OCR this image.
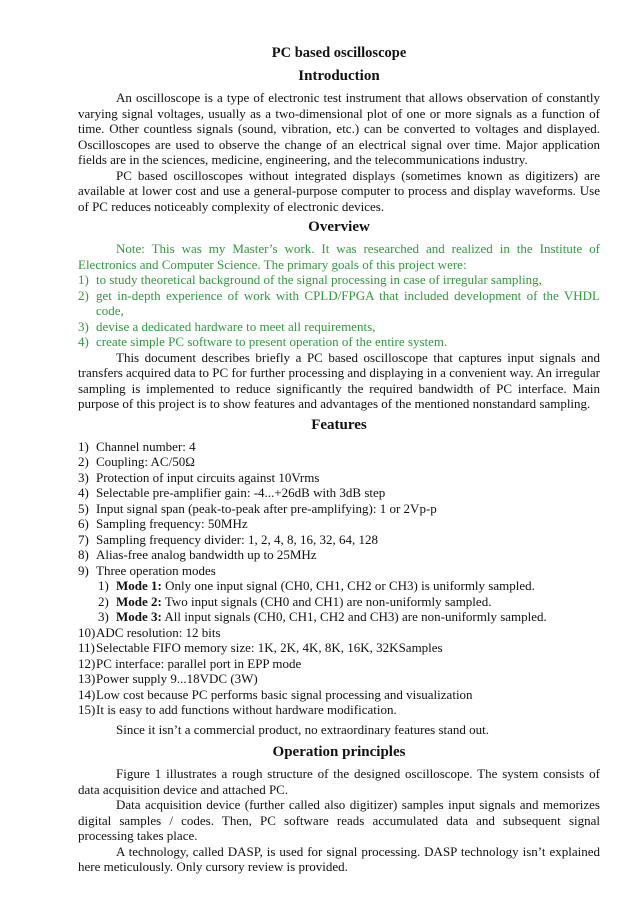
PC based oscilloscope
Introduction

An oscilloscope is a type of electronic test instrument that allows observation of constantly varying signal voltages, usually as a two-dimensional plot of one or more signals as a function of time. Other countless signals (sound, vibration, etc.) can be converted to voltages and displayed. Oscilloscopes are used to observe the change of an electrical signal over time. Major application fields are in the sciences, medicine, engineering, and the telecommunications industry.

PC based oscilloscopes without integrated displays (sometimes known as digitizers) are available at lower cost and use a general-purpose computer to process and display waveforms. Use of PC reduces noticeably complexity of electronic devices.

Overview

Note: This was my Master’s work. It was researched and realized in the Institute of Electronics and Computer Science. The primary goals of this project were:

1) to study theoretical background of the signal processing in case of irregular sampling,
2) get in-depth experience of work with CPLD/FPGA that included development of the VHDL code,
3) devise a dedicated hardware to meet all requirements,
4) create simple PC software to present operation of the entire system.

This document describes briefly a PC based oscilloscope that captures input signals and transfers acquired data to PC for further processing and displaying in a convenient way. An irregular sampling is implemented to reduce significantly the required bandwidth of PC interface. Main purpose of this project is to show features and advantages of the mentioned nonstandard sampling.

Features
1) Channel number: 4
2) Coupling: AC/50Ω
3) Protection of input circuits against 10Vrms
4) Selectable pre-amplifier gain: -4...+26dB with 3dB step
5) Input signal span (peak-to-peak after pre-amplifying): 1 or 2Vp-p
6) Sampling frequency: 50MHz
7) Sampling frequency divider: 1, 2, 4, 8, 16, 32, 64, 128
8) Alias-free analog bandwidth up to 25MHz
9) Three operation modes
1) Mode 1: Only one input signal (CH0, CH1, CH2 or CH3) is uniformly sampled.
2) Mode 2: Two input signals (CH0 and CH1) are non-uniformly sampled.
3) Mode 3: All input signals (CH0, CH1, CH2 and CH3) are non-uniformly sampled.
10) ADC resolution: 12 bits
11) Selectable FIFO memory size: 1K, 2K, 4K, 8K, 16K, 32KSamples
12) PC interface: parallel port in EPP mode
13) Power supply 9...18VDC (3W)
14) Low cost because PC performs basic signal processing and visualization
15) It is easy to add functions without hardware modification.

Since it isn’t a commercial product, no extraordinary features stand out.

Operation principles

Figure 1 illustrates a rough structure of the designed oscilloscope. The system consists of data acquisition device and attached PC.

Data acquisition device (further called also digitizer) samples input signals and memorizes digital samples / codes. Then, PC software reads accumulated data and subsequent signal processing takes place.

A technology, called DASP, is used for signal processing. DASP technology isn’t explained here meticulously. Only cursory review is provided.
